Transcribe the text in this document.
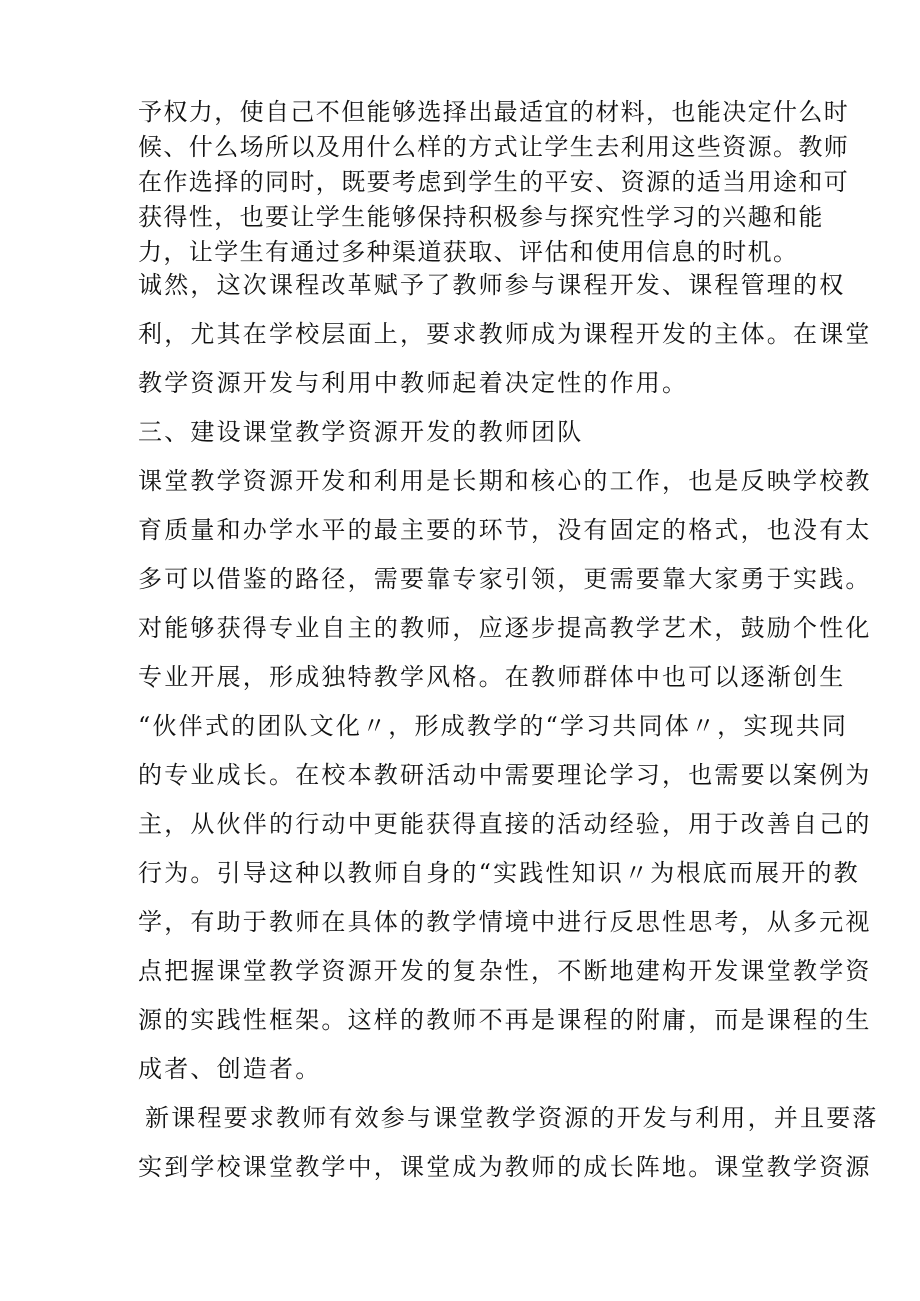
予权力，使自己不但能够选择出最适宜的材料，也能决定什么时
候、什么场所以及用什么样的方式让学生去利用这些资源。教师
在作选择的同时，既要考虑到学生的平安、资源的适当用途和可
获得性，也要让学生能够保持积极参与探究性学习的兴趣和能
力，让学生有通过多种渠道获取、评估和使用信息的时机。
诚然，这次课程改革赋予了教师参与课程开发、课程管理的权
利，尤其在学校层面上，要求教师成为课程开发的主体。在课堂
教学资源开发与利用中教师起着决定性的作用。
三、建设课堂教学资源开发的教师团队
课堂教学资源开发和利用是长期和核心的工作，也是反映学校教
育质量和办学水平的最主要的环节，没有固定的格式，也没有太
多可以借鉴的路径，需要靠专家引领，更需要靠大家勇于实践。
对能够获得专业自主的教师，应逐步提高教学艺术，鼓励个性化
专业开展，形成独特教学风格。在教师群体中也可以逐渐创生
“伙伴式的团队文化〃，形成教学的“学习共同体〃，实现共同
的专业成长。在校本教研活动中需要理论学习，也需要以案例为
主，从伙伴的行动中更能获得直接的活动经验，用于改善自己的
行为。引导这种以教师自身的“实践性知识〃为根底而展开的教
学，有助于教师在具体的教学情境中进行反思性思考，从多元视
点把握课堂教学资源开发的复杂性，不断地建构开发课堂教学资
源的实践性框架。这样的教师不再是课程的附庸，而是课程的生
成者、创造者。
新课程要求教师有效参与课堂教学资源的开发与利用，并且要落
实到学校课堂教学中，课堂成为教师的成长阵地。课堂教学资源
